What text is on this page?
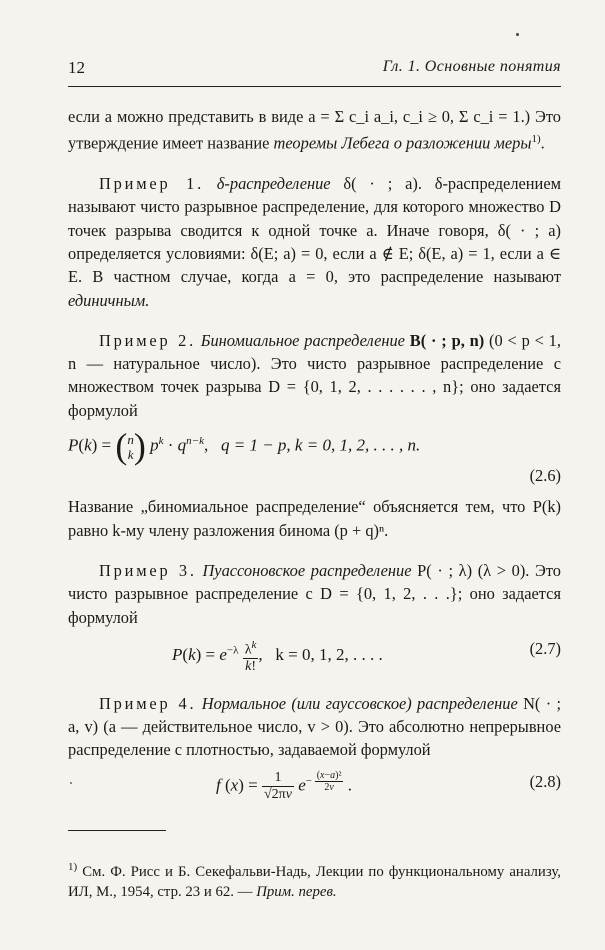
12	Гл. 1. Основные понятия

если a можно представить в виде a = Σ c_i a_i, c_i ≥ 0, Σ c_i = 1.) Это утверждение имеет название теоремы Лебега о разложении меры$^{1)}$.

Пример 1. δ-распределение δ( · ; a). δ-распределением называют чисто разрывное распределение, для которого множество D точек разрыва сводится к одной точке a. Иначе говоря, δ( · ; a) определяется условиями: δ(E; a) = 0, если a ∉ E; δ(E, a) = 1, если a ∈ E. В частном случае, когда a = 0, это распределение называют единичным.

Пример 2. Биномиальное распределение B( · ; p, n) (0 < p < 1, n — натуральное число). Это чисто разрывное распределение с множеством точек разрыва D = {0, 1, 2, . . . . . . , n}; оно задается формулой

P(k) = (n
k) $p^k \cdot q^{n-k}$,   q = 1 − p, k = 0, 1, 2, . . . , n.
(2.6)

Название „биномиальное распределение“ объясняется тем, что P(k) равно k-му члену разложения бинома (p + q)ⁿ.

Пример 3. Пуассоновское распределение P( · ; λ) (λ > 0). Это чисто разрывное распределение с D = {0, 1, 2, . . .}; оно задается формулой

$P(k) = e^{-\lambda} \frac{\lambda^k}{k!}$ ,   k = 0, 1, 2, . . . .	(2.7)

Пример 4. Нормальное (или гауссовское) распределение N( · ; a, v) (a — действительное число, v > 0). Это абсолютно непрерывное распределение с плотностью, задаваемой формулой

f $(x) = \frac{1}{√2\pi v} e^{- \frac{\text{(x−a)²}}{2v}}$ .	(2.8)

$^{1)}$ См. Ф. Рисс и Б. Секефальви-Надь, Лекции по функциональному анализу, ИЛ, М., 1954, стр. 23 и 62. — Прим. перев.
